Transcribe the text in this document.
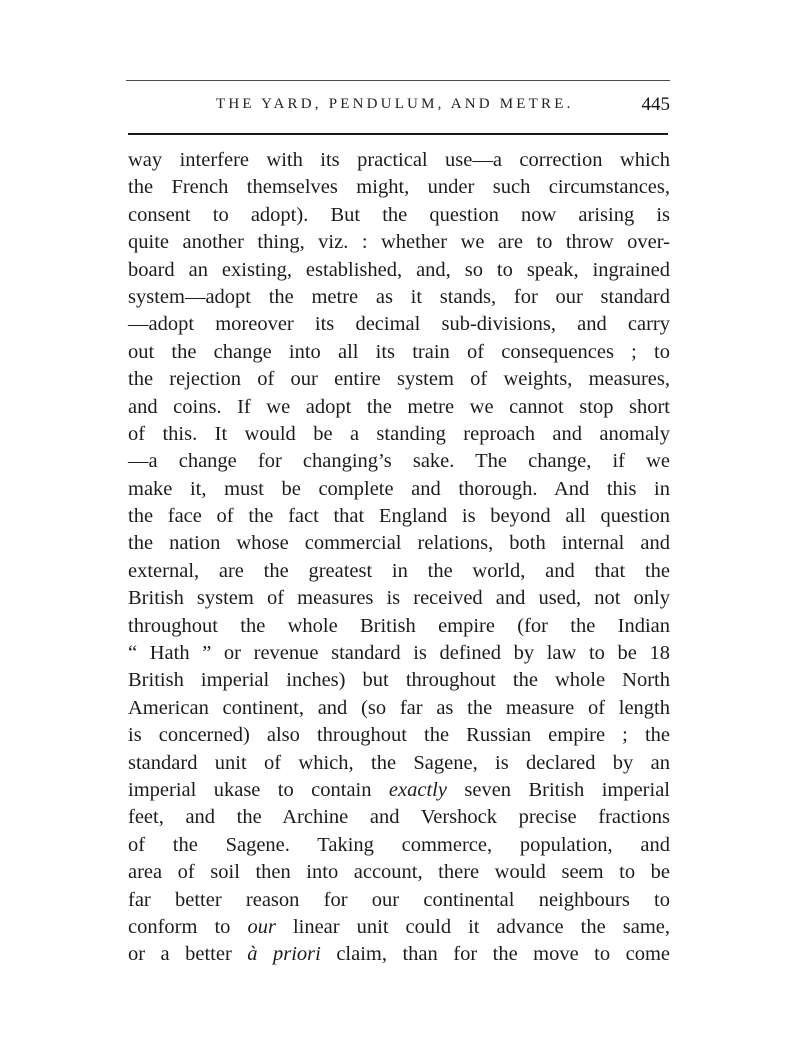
THE YARD, PENDULUM, AND METRE.	445
way interfere with its practical use—a correction which
the French themselves might, under such circumstances,
consent to adopt). But the question now arising is
quite another thing, viz. : whether we are to throw over-
board an existing, established, and, so to speak, ingrained
system—adopt the metre as it stands, for our standard
—adopt moreover its decimal sub-divisions, and carry
out the change into all its train of consequences ; to
the rejection of our entire system of weights, measures,
and coins. If we adopt the metre we cannot stop short
of this. It would be a standing reproach and anomaly
—a change for changing’s sake. The change, if we
make it, must be complete and thorough. And this in
the face of the fact that England is beyond all question
the nation whose commercial relations, both internal and
external, are the greatest in the world, and that the
British system of measures is received and used, not only
throughout the whole British empire (for the Indian
“ Hath ” or revenue standard is defined by law to be 18
British imperial inches) but throughout the whole North
American continent, and (so far as the measure of length
is concerned) also throughout the Russian empire ; the
standard unit of which, the Sagene, is declared by an
imperial ukase to contain exactly seven British imperial
feet, and the Archine and Vershock precise fractions
of the Sagene. Taking commerce, population, and
area of soil then into account, there would seem to be
far better reason for our continental neighbours to
conform to our linear unit could it advance the same,
or a better à priori claim, than for the move to come
